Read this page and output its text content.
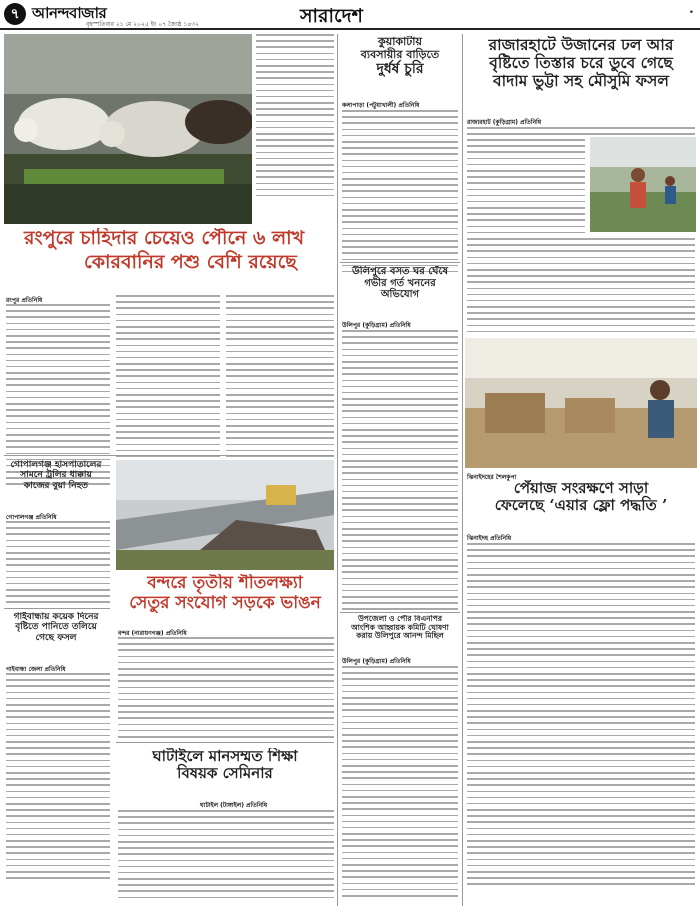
৭ আনন্দবাজার
বৃহস্পতিবার ২১ মে ২০২৫ ইং ০৭ জ্যৈষ্ঠ ১৪৩২	সারাদেশ	•
রংপুরে চাহিদার চেয়েও পৌনে ৬ লাখ
কোরবানির পশু বেশি রয়েছে
রংপুর প্রতিনিধি
গোপালগঞ্জ হাসপাতালের
সামনে ট্রলির ধাক্কায়
কাজের বুয়া নিহত
গোপালগঞ্জ প্রতিনিধি
গাইবান্ধায় কয়েক দিনের
বৃষ্টিতে পানিতে তলিয়ে
গেছে ফসল
গাইবান্ধা জেলা প্রতিনিধি
বন্দরে তৃতীয় শীতলক্ষ্যা
সেতুর সংযোগ সড়কে ভাঙন
বন্দর (নারায়ণগঞ্জ) প্রতিনিধি
ঘাটাইলে মানসম্মত শিক্ষা
বিষয়ক সেমিনার
ঘাটাইল (টাঙ্গাইল) প্রতিনিধি
কুয়াকাটায়
ব্যবসায়ীর বাড়িতে
দুর্ধর্ষ চুরি
কলাপাড়া (পটুয়াখালী) প্রতিনিধি
উলিপুরে বসত ঘর ঘেঁষে
গভীর গর্ত খননের
অভিযোগ
উলিপুর (কুড়িগ্রাম) প্রতিনিধি
উপজেলা ও পৌর বিএনপির
আংশিক আহ্বায়ক কমিটি ঘোষণা
করায় উলিপুরে আনন্দ মিছিল
উলিপুর (কুড়িগ্রাম) প্রতিনিধি
রাজারহাটে উজানের ঢল আর
বৃষ্টিতে তিস্তার চরে ডুবে গেছে
বাদাম ভুট্টা সহ মৌসুমি ফসল
রাজারহাট (কুড়িগ্রাম) প্রতিনিধি
ঝিনাইদহের শৈলকুপা
পেঁয়াজ সংরক্ষণে সাড়া
ফেলেছে ‘এয়ার ফ্লো পদ্ধতি ’
ঝিনাইদহ প্রতিনিধি
